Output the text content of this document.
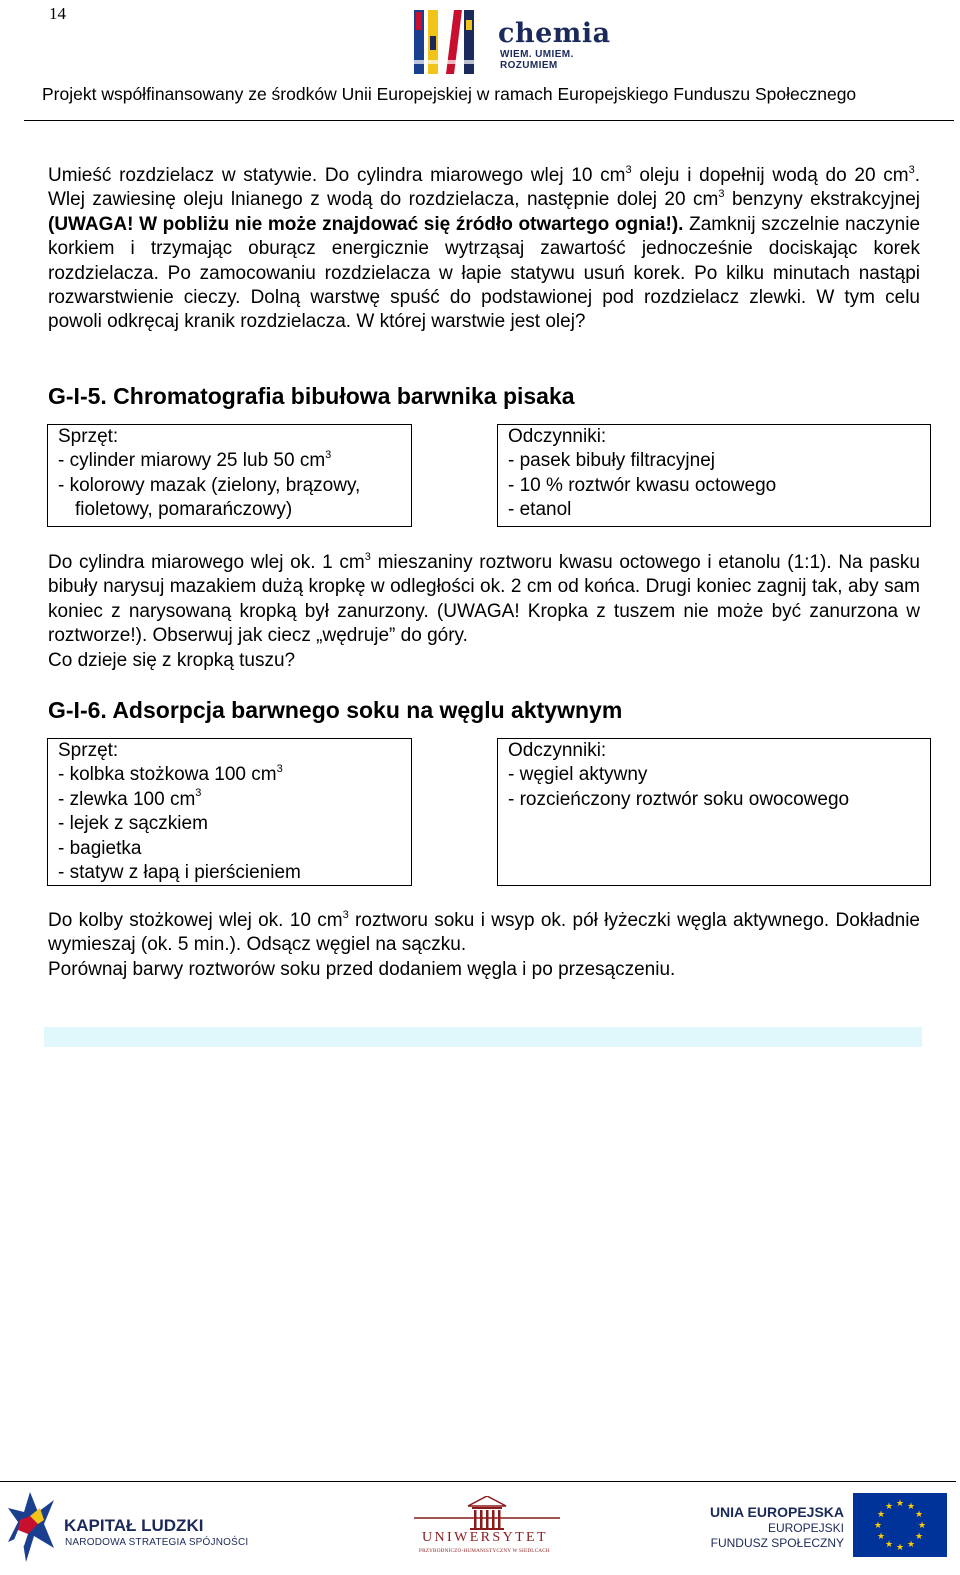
14
chemia
WIEM. UMIEM. ROZUMIEM
Projekt współfinansowany ze środków Unii Europejskiej w ramach Europejskiego Funduszu Społecznego

Umieść rozdzielacz w statywie. Do cylindra miarowego wlej 10 $cm^3$ oleju i dopełnij wodą do 20 $cm^3$. Wlej zawiesinę oleju lnianego z wodą do rozdzielacza, następnie dolej 20 $cm^3$ benzyny ekstrakcyjnej (UWAGA! W pobliżu nie może znajdować się źródło otwartego ognia!). Zamknij szczelnie naczynie korkiem i trzymając oburącz energicznie wytrząsaj zawartość jednocześnie dociskając korek rozdzielacza. Po zamocowaniu rozdzielacza w łapie statywu usuń korek. Po kilku minutach nastąpi rozwarstwienie cieczy. Dolną warstwę spuść do podstawionej pod rozdzielacz zlewki. W tym celu powoli odkręcaj kranik rozdzielacza. W której warstwie jest olej?

G-I-5. Chromatografia bibułowa barwnika pisaka
Sprzęt:
- cylinder miarowy 25 lub 50 $cm^3$
- kolorowy mazak (zielony, brązowy,
fioletowy, pomarańczowy)
Odczynniki:
- pasek bibuły filtracyjnej
- 10 % roztwór kwasu octowego
- etanol

Do cylindra miarowego wlej ok. 1 $cm^3$ mieszaniny roztworu kwasu octowego i etanolu (1:1). Na pasku bibuły narysuj mazakiem dużą kropkę w odległości ok. 2 cm od końca. Drugi koniec zagnij tak, aby sam koniec z narysowaną kropką był zanurzony. (UWAGA! Kropka z tuszem nie może być zanurzona w roztworze!). Obserwuj jak ciecz „wędruje” do góry.

Co dzieje się z kropką tuszu?

G-I-6. Adsorpcja barwnego soku na węglu aktywnym
Sprzęt:
- kolbka stożkowa 100 $cm^3$
- zlewka 100 $cm^3$
- lejek z sączkiem
- bagietka
- statyw z łapą i pierścieniem
Odczynniki:
- węgiel aktywny
- rozcieńczony roztwór soku owocowego

Do kolby stożkowej wlej ok. 10 $cm^3$ roztworu soku i wsyp ok. pół łyżeczki węgla aktywnego. Dokładnie wymieszaj (ok. 5 min.). Odsącz węgiel na sączku.

Porównaj barwy roztworów soku przed dodaniem węgla i po przesączeniu.

KAPITAŁ LUDZKI
NARODOWA STRATEGIA SPÓJNOŚCI	UNIWERSYTET
PRZYRODNICZO-HUMANISTYCZNY W SIEDLCACH
UNIA EUROPEJSKA
EUROPEJSKI
FUNDUSZ SPOŁECZNY
★ ★
★
★
★
★
★
★
★
★
★
★
